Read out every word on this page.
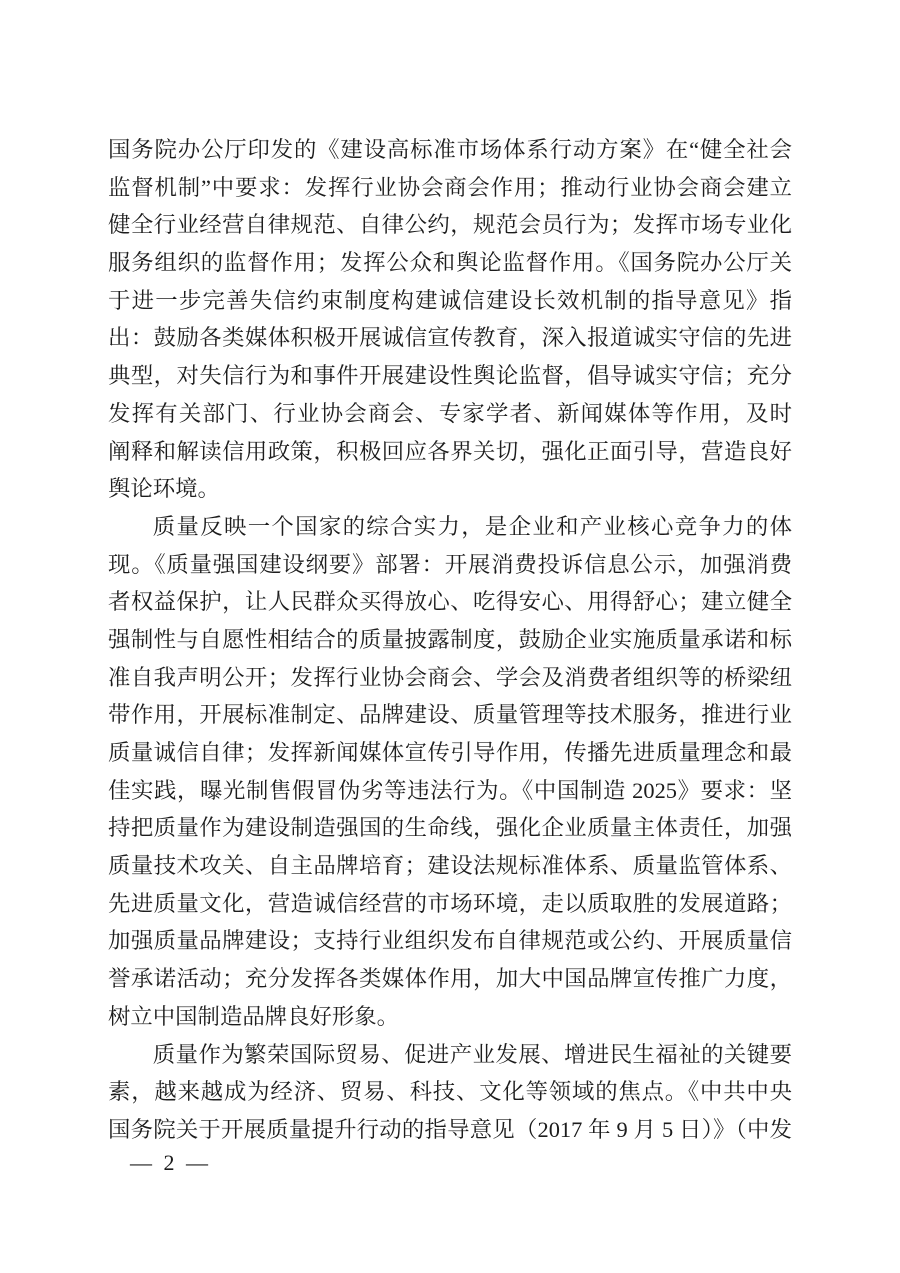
国务院办公厅印发的《建设高标准市场体系行动方案》在“健全社会
监督机制”中要求：发挥行业协会商会作用；推动行业协会商会建立
健全行业经营自律规范、自律公约，规范会员行为；发挥市场专业化
服务组织的监督作用；发挥公众和舆论监督作用。《国务院办公厅关
于进一步完善失信约束制度构建诚信建设长效机制的指导意见》指
出：鼓励各类媒体积极开展诚信宣传教育，深入报道诚实守信的先进
典型，对失信行为和事件开展建设性舆论监督，倡导诚实守信；充分
发挥有关部门、行业协会商会、专家学者、新闻媒体等作用，及时
阐释和解读信用政策，积极回应各界关切，强化正面引导，营造良好
舆论环境。
质量反映一个国家的综合实力，是企业和产业核心竞争力的体
现。《质量强国建设纲要》部署：开展消费投诉信息公示，加强消费
者权益保护，让人民群众买得放心、吃得安心、用得舒心；建立健全
强制性与自愿性相结合的质量披露制度，鼓励企业实施质量承诺和标
准自我声明公开；发挥行业协会商会、学会及消费者组织等的桥梁纽
带作用，开展标准制定、品牌建设、质量管理等技术服务，推进行业
质量诚信自律；发挥新闻媒体宣传引导作用，传播先进质量理念和最
佳实践，曝光制售假冒伪劣等违法行为。《中国制造 2025》要求：坚
持把质量作为建设制造强国的生命线，强化企业质量主体责任，加强
质量技术攻关、自主品牌培育；建设法规标准体系、质量监管体系、
先进质量文化，营造诚信经营的市场环境，走以质取胜的发展道路；
加强质量品牌建设；支持行业组织发布自律规范或公约、开展质量信
誉承诺活动；充分发挥各类媒体作用，加大中国品牌宣传推广力度，
树立中国制造品牌良好形象。
质量作为繁荣国际贸易、促进产业发展、增进民生福祉的关键要
素，越来越成为经济、贸易、科技、文化等领域的焦点。《中共中央
国务院关于开展质量提升行动的指导意见（2017 年 9 月 5 日）》（中发
— 2 —
